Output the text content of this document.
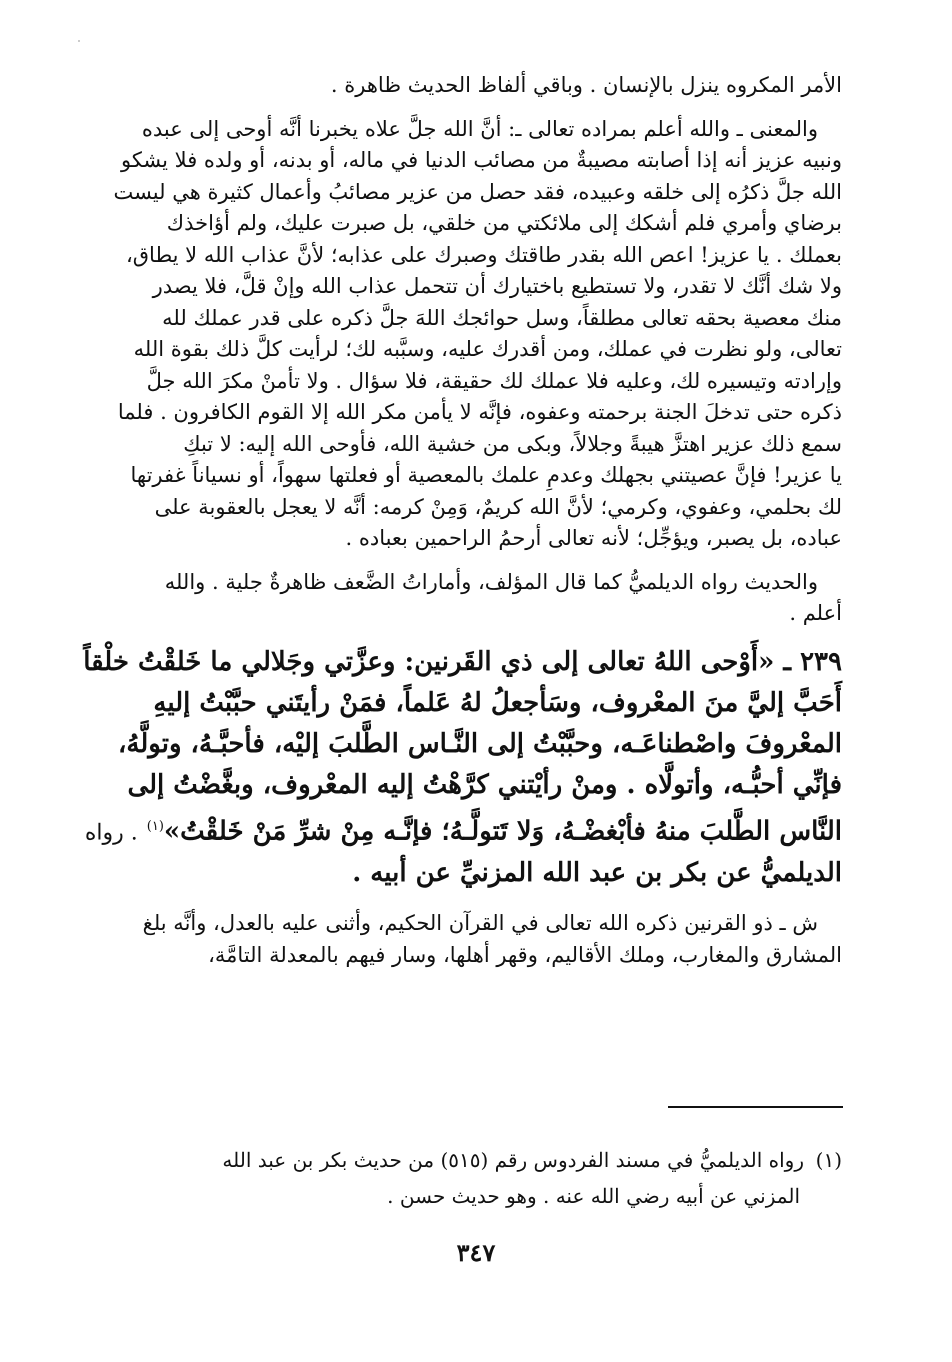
الأمر المكروه ينزل بالإنسان . وباقي ألفاظ الحديث ظاهرة .
والمعنى ـ والله أعلم بمراده تعالى ـ: أنَّ الله جلَّ علاه يخبرنا أنَّه أوحى إلى عبده
ونبيه عزيز أنه إذا أصابته مصيبةٌ من مصائب الدنيا في ماله، أو بدنه، أو ولده فلا يشكو
الله جلَّ ذكرُه إلى خلقه وعبيده، فقد حصل من عزير مصائبُ وأعمال كثيرة هي ليست
برضاي وأمري فلم أشكك إلى ملائكتي من خلقي، بل صبرت عليك، ولم أؤاخذك
بعملك . يا عزيز! اعص الله بقدر طاقتك وصبرك على عذابه؛ لأنَّ عذاب الله لا يطاق،
ولا شك أنَّك لا تقدر، ولا تستطيع باختيارك أن تتحمل عذاب الله وإنْ قلَّ، فلا يصدر
منك معصية بحقه تعالى مطلقاً، وسل حوائجك اللهَ جلَّ ذكره على قدر عملك لله
تعالى، ولو نظرت في عملك، ومن أقدرك عليه، وسبَّبه لك؛ لرأيت كلَّ ذلك بقوة الله
وإرادته وتيسيره لك، وعليه فلا عملك لك حقيقة، فلا سؤال . ولا تأمنْ مكرَ الله جلَّ
ذكره حتى تدخلَ الجنة برحمته وعفوه، فإنَّه لا يأمن مكر الله إلا القوم الكافرون . فلما
سمع ذلك عزير اهتزَّ هيبةً وجلالاً، وبكى من خشية الله، فأوحى الله إليه: لا تبكِ
يا عزير! فإنَّ عصيتني بجهلك وعدمِ علمك بالمعصية أو فعلتها سهواً، أو نسياناً غفرتها
لك بحلمي، وعفوي، وكرمي؛ لأنَّ الله كريمٌ، وَمِنْ كرمه: أنَّه لا يعجل بالعقوبة على
عباده، بل يصبر، ويؤجِّل؛ لأنه تعالى أرحمُ الراحمين بعباده .
والحديث رواه الديلميُّ كما قال المؤلف، وأماراتُ الضَّعف ظاهرةٌ جلية . والله
أعلم .
٢٣٩ ـ «أَوْحى اللهُ تعالى إلى ذي القَرنين: وعزَّتي وجَلالي ما خَلقْتُ خلْقاً
أَحَبَّ إليَّ منَ المعْروف، وسَأجعلُ لهُ عَلماً، فمَنْ رأيتَني حبَّبْتُ إليهِ
المعْروفَ واصْطناعَـه، وحبَّبْتُ إلى النَّـاس الطَّلبَ إليْه، فأحبَّـهُ، وتولَّهُ،
فإنِّي أحبُّـه، وأتولَّاه . ومنْ رأيْتني كرَّهْتُ إليه المعْروف، وبغَّضْتُ إلى
النَّاس الطَّلبَ منهُ فأبْغضْـهُ، وَلا تَتولَّـهُ؛ فإنَّـه مِنْ شرِّ مَنْ خَلقْتُ»$^{(١)}$ . رواه
الديلميُّ عن بكر بن عبد الله المزنيِّ عن أبيه .
ش ـ ذو القرنين ذكره الله تعالى في القرآن الحكيم، وأثنى عليه بالعدل، وأنَّه بلغ
المشارق والمغارب، وملك الأقاليم، وقهر أهلها، وسار فيهم بالمعدلة التامَّة،
(١)رواه الديلميُّ في مسند الفردوس رقم (٥١٥) من حديث بكر بن عبد الله
المزني عن أبيه رضي الله عنه . وهو حديث حسن .
٣٤٧
